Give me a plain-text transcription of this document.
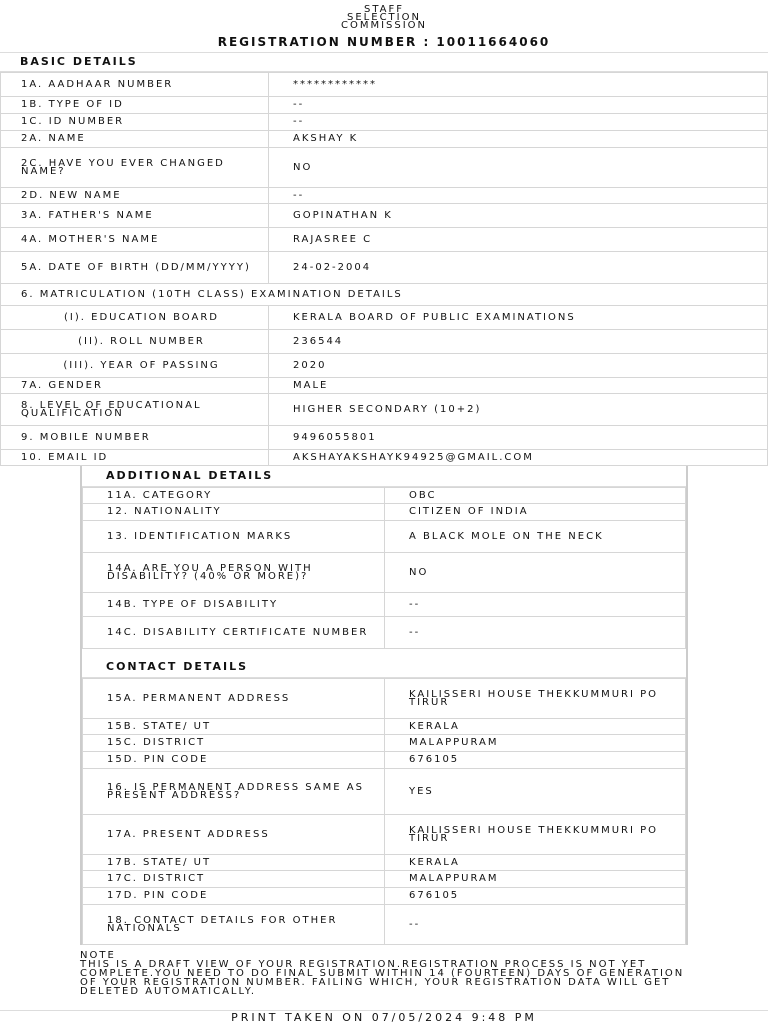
STAFF
SELECTION
COMMISSION
REGISTRATION NUMBER : 10011664060
BASIC DETAILS
1A. AADHAAR NUMBER	************
1B. TYPE OF ID	--
1C. ID NUMBER	--
2A. NAME	AKSHAY K
2C. HAVE YOU EVER CHANGED NAME?	NO
2D. NEW NAME	--
3A. FATHER'S NAME	GOPINATHAN K
4A. MOTHER'S NAME	RAJASREE C
5A. DATE OF BIRTH (DD/MM/YYYY)	24-02-2004
6. MATRICULATION (10TH CLASS) EXAMINATION DETAILS	
(I). EDUCATION BOARD	KERALA BOARD OF PUBLIC EXAMINATIONS
(II). ROLL NUMBER	236544
(III). YEAR OF PASSING	2020
7A. GENDER	MALE
8. LEVEL OF EDUCATIONAL QUALIFICATION	HIGHER SECONDARY (10+2)
9. MOBILE NUMBER	9496055801
10. EMAIL ID	AKSHAYAKSHAYK94925@GMAIL.COM
ADDITIONAL DETAILS
11A. CATEGORY	OBC
12. NATIONALITY	CITIZEN OF INDIA
13. IDENTIFICATION MARKS	A BLACK MOLE ON THE NECK
14A. ARE YOU A PERSON WITH DISABILITY? (40% OR MORE)?	NO
14B. TYPE OF DISABILITY	--
14C. DISABILITY CERTIFICATE NUMBER	--
CONTACT DETAILS
15A. PERMANENT ADDRESS	KAILISSERI HOUSE THEKKUMMURI PO TIRUR
15B. STATE/ UT	KERALA
15C. DISTRICT	MALAPPURAM
15D. PIN CODE	676105
16. IS PERMANENT ADDRESS SAME AS PRESENT ADDRESS?	YES
17A. PRESENT ADDRESS	KAILISSERI HOUSE THEKKUMMURI PO TIRUR
17B. STATE/ UT	KERALA
17C. DISTRICT	MALAPPURAM
17D. PIN CODE	676105
18. CONTACT DETAILS FOR OTHER NATIONALS	--
NOTE
THIS IS A DRAFT VIEW OF YOUR REGISTRATION.REGISTRATION PROCESS IS NOT YET COMPLETE.YOU NEED TO DO FINAL SUBMIT WITHIN 14 (FOURTEEN) DAYS OF GENERATION OF YOUR REGISTRATION NUMBER. FAILING WHICH, YOUR REGISTRATION DATA WILL GET DELETED AUTOMATICALLY.
PRINT TAKEN ON 07/05/2024 9:48 PM
